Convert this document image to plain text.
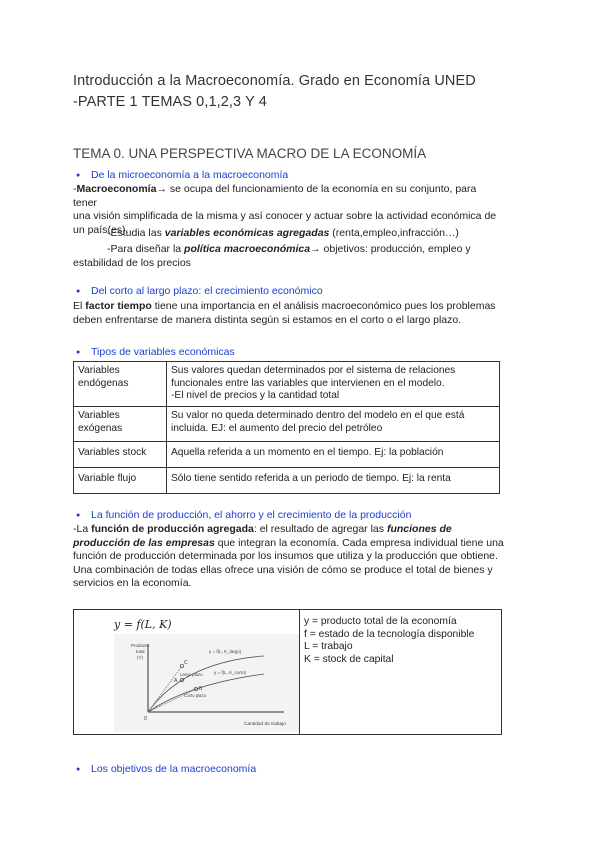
Introducción a la Macroeconomía. Grado en Economía UNED
-PARTE 1 TEMAS 0,1,2,3 Y 4
TEMA 0. UNA PERSPECTIVA MACRO DE LA ECONOMÍA
● De la microeconomía a la macroeconomía
-Macroeconomía→ se ocupa del funcionamiento de la economía en su conjunto, para tener
una visión simplificada de la misma y así conocer y actuar sobre la actividad económica de
un país(es).
-Estudia las variables económicas agregadas (renta,empleo,infracción…)
-Para diseñar la política macroeconómica→ objetivos: producción, empleo y
estabilidad de los precios
● Del corto al largo plazo: el crecimiento económico
El factor tiempo tiene una importancia en el análisis macroeconómico pues los problemas
deben enfrentarse de manera distinta según si estamos en el corto o el largo plazo.
● Tipos de variables económicas
Variables
endógenas	Sus valores quedan determinados por el sistema de relaciones
funcionales entre las variables que intervienen en el modelo.
-El nivel de precios y la cantidad total
Variables
exógenas	Su valor no queda determinado dentro del modelo en el que está
incluida. EJ: el aumento del precio del petróleo
Variables stock	Aquella referida a un momento en el tiempo. Ej: la población
Variable flujo	Sólo tiene sentido referida a un periodo de tiempo. Ej: la renta
● La función de producción, el ahorro y el crecimiento de la producción
-La función de producción agregada: el resultado de agregar las funciones de
producción de las empresas que integran la economía. Cada empresa individual tiene una
función de producción determinada por los insumos que utiliza y la producción que obtiene.
Una combinación de todas ellas ofrece una visión de cómo se produce el total de bienes y
servicios en la economía.
y = f(L, K)
Producto
total
(Y)
Cantidad de trabajo
y = f(L, K_largo)
y = f(L, K_corto)
Largo plazo
Corto plazo
C
B
A
0
y = producto total de la economía
f = estado de la tecnología disponible
L = trabajo
K = stock de capital
● Los objetivos de la macroeconomía
